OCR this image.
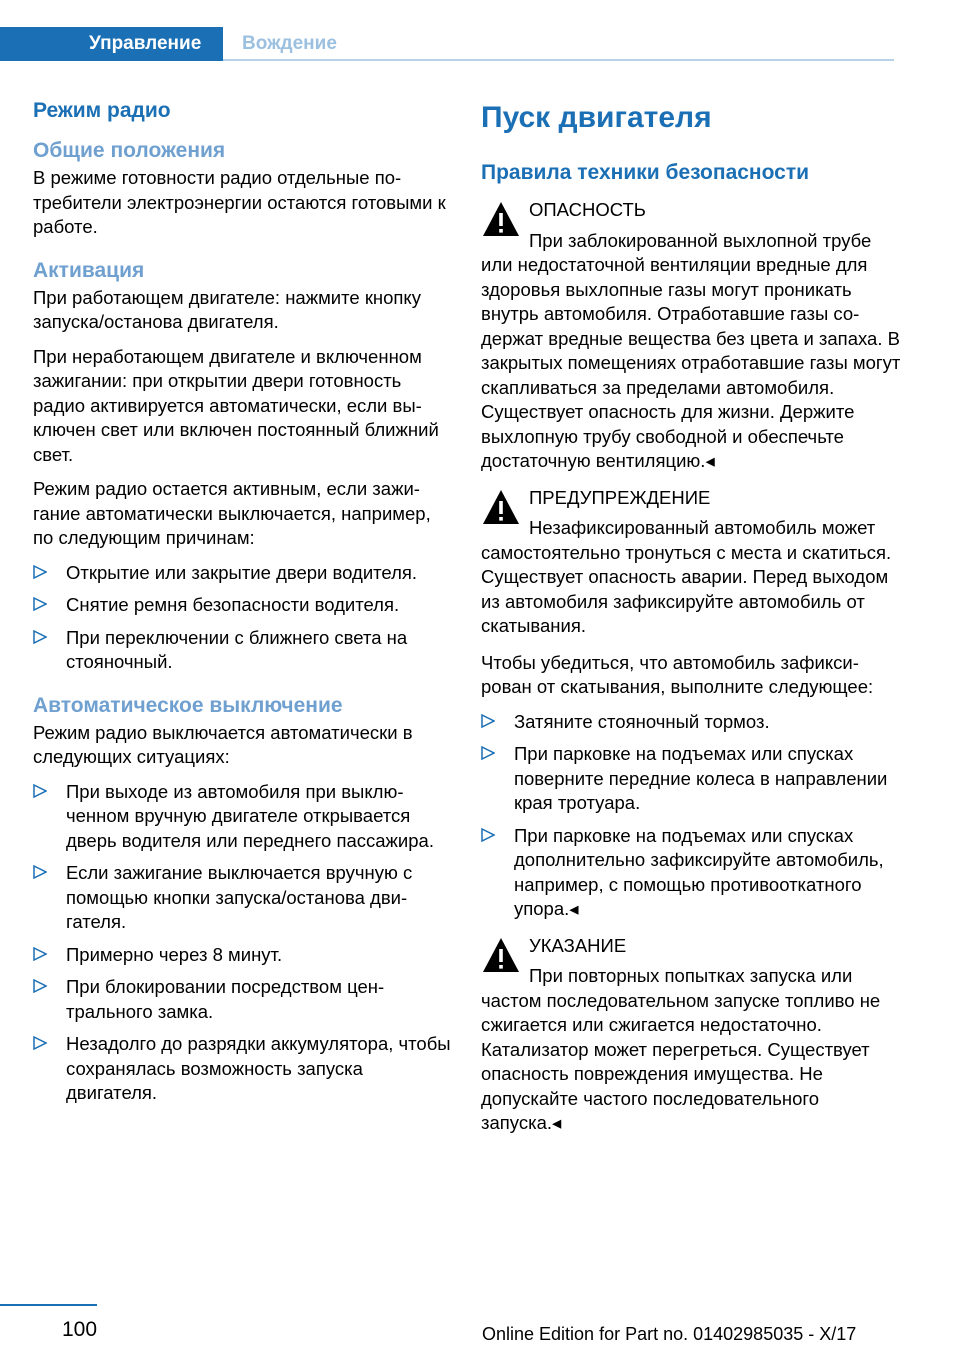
Управление Вождение
Режим радио
Общие положения

В режиме готовности радио отдельные потребители электроэнергии остаются готовыми к работе.

Активация

При работающем двигателе: нажмите кнопку запуска/останова двигателя.

При неработающем двигателе и включенном зажигании: при открытии двери готовность радио активируется автоматически, если выключен свет или включен постоянный ближний свет.

Режим радио остается активным, если зажигание автоматически выключается, например, по следующим причинам:

Открытие или закрытие двери водителя.
Снятие ремня безопасности водителя.
При переключении с ближнего света на стояночный.
Автоматическое выключение

Режим радио выключается автоматически в следующих ситуациях:

При выходе из автомобиля при выключенном вручную двигателе открывается дверь водителя или переднего пассажира.
Если зажигание выключается вручную с помощью кнопки запуска/останова двигателя.
Примерно через 8 минут.
При блокировании посредством центрального замка.
Незадолго до разрядки аккумулятора, чтобы сохранялась возможность запуска двигателя.
Пуск двигателя
Правила техники безопасности
ОПАСНОСТЬ

При заблокированной выхлопной трубе или недостаточной вентиляции вредные для здоровья выхлопные газы могут проникать внутрь автомобиля. Отработавшие газы содержат вредные вещества без цвета и запаха. В закрытых помещениях отработавшие газы могут скапливаться за пределами автомобиля. Существует опасность для жизни. Держите выхлопную трубу свободной и обеспечьте достаточную вентиляцию.◂

ПРЕДУПРЕЖДЕНИЕ

Незафиксированный автомобиль может самостоятельно тронуться с места и скатиться. Существует опасность аварии. Перед выходом из автомобиля зафиксируйте автомобиль от скатывания.

Чтобы убедиться, что автомобиль зафиксирован от скатывания, выполните следующее:

Затяните стояночный тормоз.
При парковке на подъемах или спусках поверните передние колеса в направлении края тротуара.
При парковке на подъемах или спусках дополнительно зафиксируйте автомобиль, например, с помощью противооткатного упора.◂
УКАЗАНИЕ

При повторных попытках запуска или частом последовательном запуске топливо не сжигается или сжигается недостаточно. Катализатор может перегреться. Существует опасность повреждения имущества. Не допускайте частого последовательного запуска.◂

100	Online Edition for Part no. 01402985035 - X/17
